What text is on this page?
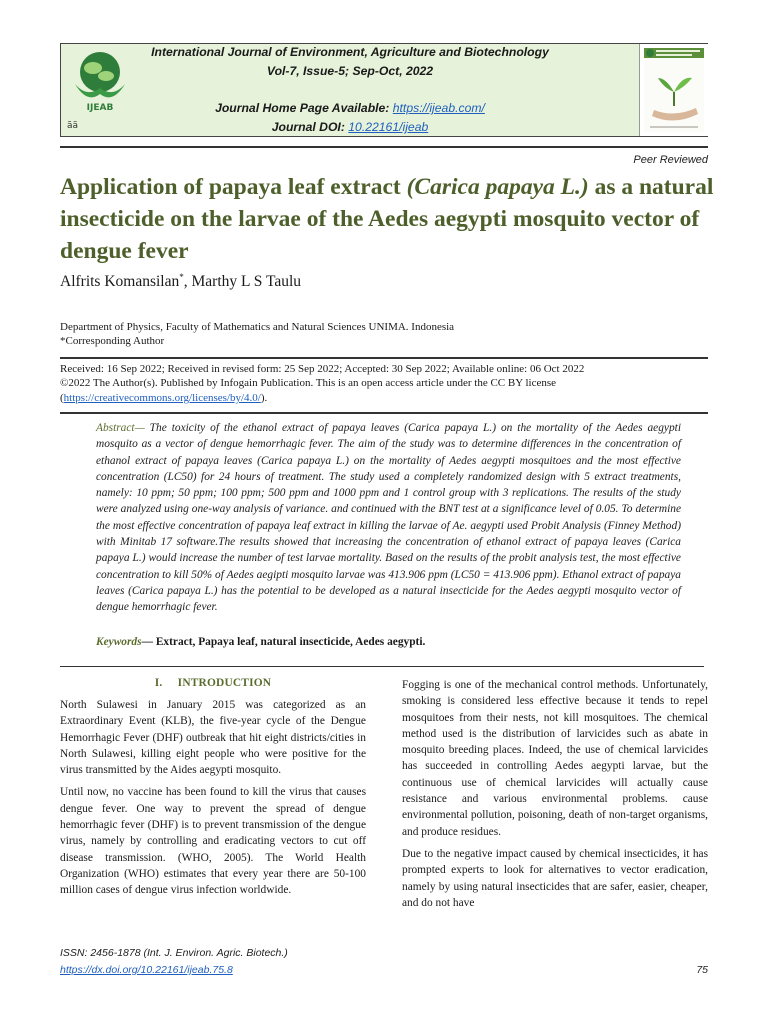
IJEAB
ãã
International Journal of Environment, Agriculture and Biotechnology
Vol-7, Issue-5; Sep-Oct, 2022
Journal Home Page Available: https://ijeab.com/
Journal DOI: 10.22161/ijeab
Peer Reviewed
Application of papaya leaf extract (Carica papaya L.) as a natural insecticide on the larvae of the Aedes aegypti mosquito vector of dengue fever
Alfrits Komansilan*, Marthy L S Taulu
Department of Physics, Faculty of Mathematics and Natural Sciences UNIMA. Indonesia
*Corresponding Author
Received: 16 Sep 2022; Received in revised form: 25 Sep 2022; Accepted: 30 Sep 2022; Available online: 06 Oct 2022
©2022 The Author(s). Published by Infogain Publication. This is an open access article under the CC BY license
(https://creativecommons.org/licenses/by/4.0/).
Abstract— The toxicity of the ethanol extract of papaya leaves (Carica papaya L.) on the mortality of the Aedes aegypti mosquito as a vector of dengue hemorrhagic fever. The aim of the study was to determine differences in the concentration of ethanol extract of papaya leaves (Carica papaya L.) on the mortality of Aedes aegypti mosquitoes and the most effective concentration (LC50) for 24 hours of treatment. The study used a completely randomized design with 5 extract treatments, namely: 10 ppm; 50 ppm; 100 ppm; 500 ppm and 1000 ppm and 1 control group with 3 replications. The results of the study were analyzed using one-way analysis of variance. and continued with the BNT test at a significance level of 0.05. To determine the most effective concentration of papaya leaf extract in killing the larvae of Ae. aegypti used Probit Analysis (Finney Method) with Minitab 17 software.The results showed that increasing the concentration of ethanol extract of papaya leaves (Carica papaya L.) would increase the number of test larvae mortality. Based on the results of the probit analysis test, the most effective concentration to kill 50% of Aedes aegipti mosquito larvae was 413.906 ppm (LC50 = 413.906 ppm). Ethanol extract of papaya leaves (Carica papaya L.) has the potential to be developed as a natural insecticide for the Aedes aegypti mosquito vector of dengue hemorrhagic fever.
Keywords— Extract, Papaya leaf, natural insecticide, Aedes aegypti.
I.     INTRODUCTION

North Sulawesi in January 2015 was categorized as an Extraordinary Event (KLB), the five-year cycle of the Dengue Hemorrhagic Fever (DHF) outbreak that hit eight districts/cities in North Sulawesi, killing eight people who were positive for the virus transmitted by the Aides aegypti mosquito.

Until now, no vaccine has been found to kill the virus that causes dengue fever. One way to prevent the spread of dengue hemorrhagic fever (DHF) is to prevent transmission of the dengue virus, namely by controlling and eradicating vectors to cut off disease transmission. (WHO, 2005). The World Health Organization (WHO) estimates that every year there are 50-100 million cases of dengue virus infection worldwide.

Fogging is one of the mechanical control methods. Unfortunately, smoking is considered less effective because it tends to repel mosquitoes from their nests, not kill mosquitoes. The chemical method used is the distribution of larvicides such as abate in mosquito breeding places. Indeed, the use of chemical larvicides has succeeded in controlling Aedes aegypti larvae, but the continuous use of chemical larvicides will actually cause resistance and various environmental problems. cause environmental pollution, poisoning, death of non-target organisms, and produce residues.

Due to the negative impact caused by chemical insecticides, it has prompted experts to look for alternatives to vector eradication, namely by using natural insecticides that are safer, easier, cheaper, and do not have

ISSN: 2456-1878 (Int. J. Environ. Agric. Biotech.)
https://dx.doi.org/10.22161/ijeab.75.8	75
